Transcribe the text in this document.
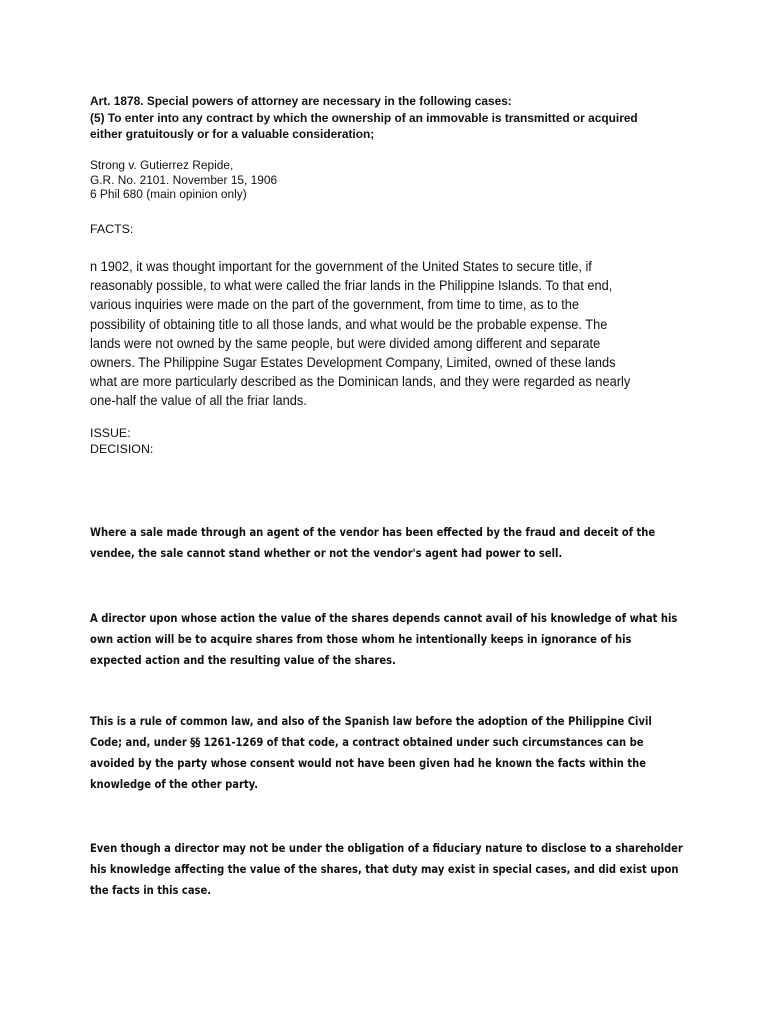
Art. 1878. Special powers of attorney are necessary in the following cases:
(5) To enter into any contract by which the ownership of an immovable is transmitted or acquired
either gratuitously or for a valuable consideration;
Strong v. Gutierrez Repide,
G.R. No. 2101. November 15, 1906
6 Phil 680 (main opinion only)
FACTS:
n 1902, it was thought important for the government of the United States to secure title, if
reasonably possible, to what were called the friar lands in the Philippine Islands. To that end,
various inquiries were made on the part of the government, from time to time, as to the
possibility of obtaining title to all those lands, and what would be the probable expense. The
lands were not owned by the same people, but were divided among different and separate
owners. The Philippine Sugar Estates Development Company, Limited, owned of these lands
what are more particularly described as the Dominican lands, and they were regarded as nearly
one-half the value of all the friar lands.
ISSUE:
DECISION:
Where a sale made through an agent of the vendor has been effected by the fraud and deceit of the
vendee, the sale cannot stand whether or not the vendor's agent had power to sell.
A director upon whose action the value of the shares depends cannot avail of his knowledge of what his
own action will be to acquire shares from those whom he intentionally keeps in ignorance of his
expected action and the resulting value of the shares.
This is a rule of common law, and also of the Spanish law before the adoption of the Philippine Civil
Code; and, under §§ 1261-1269 of that code, a contract obtained under such circumstances can be
avoided by the party whose consent would not have been given had he known the facts within the
knowledge of the other party.
Even though a director may not be under the obligation of a fiduciary nature to disclose to a shareholder
his knowledge affecting the value of the shares, that duty may exist in special cases, and did exist upon
the facts in this case.
